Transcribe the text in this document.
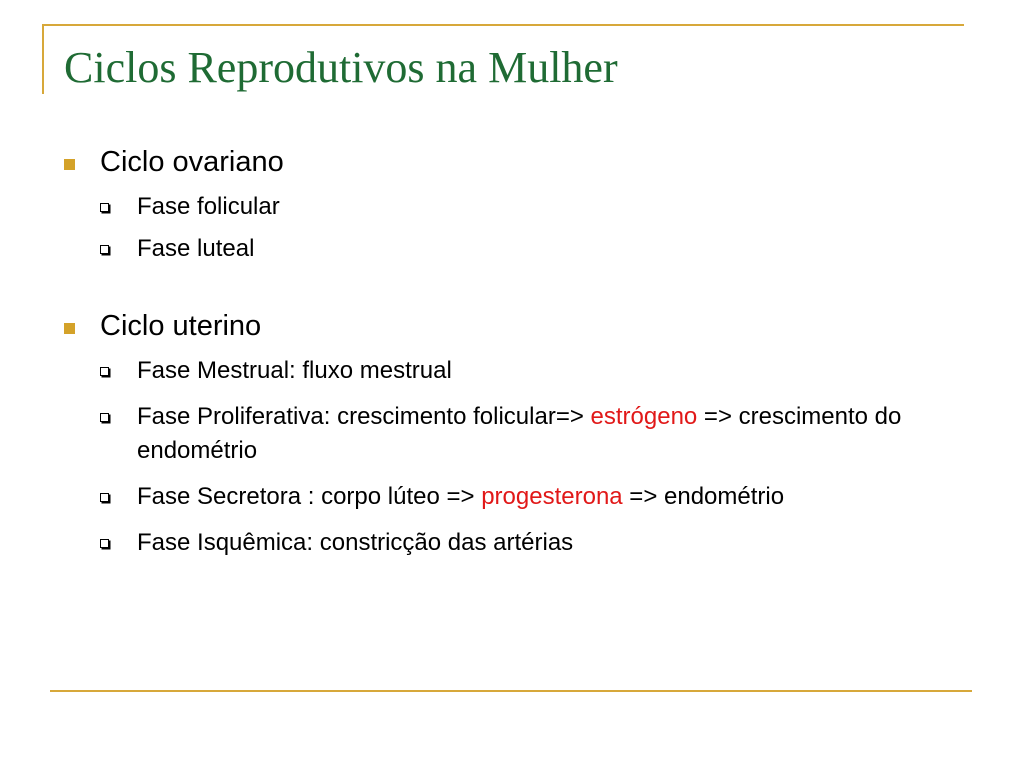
Ciclos Reprodutivos na Mulher
Ciclo ovariano
Fase folicular
Fase luteal
Ciclo uterino
Fase Mestrual: fluxo mestrual
Fase Proliferativa: crescimento folicular=> estrógeno => crescimento do endométrio
Fase Secretora : corpo lúteo => progesterona => endométrio
Fase Isquêmica: constricção das artérias
